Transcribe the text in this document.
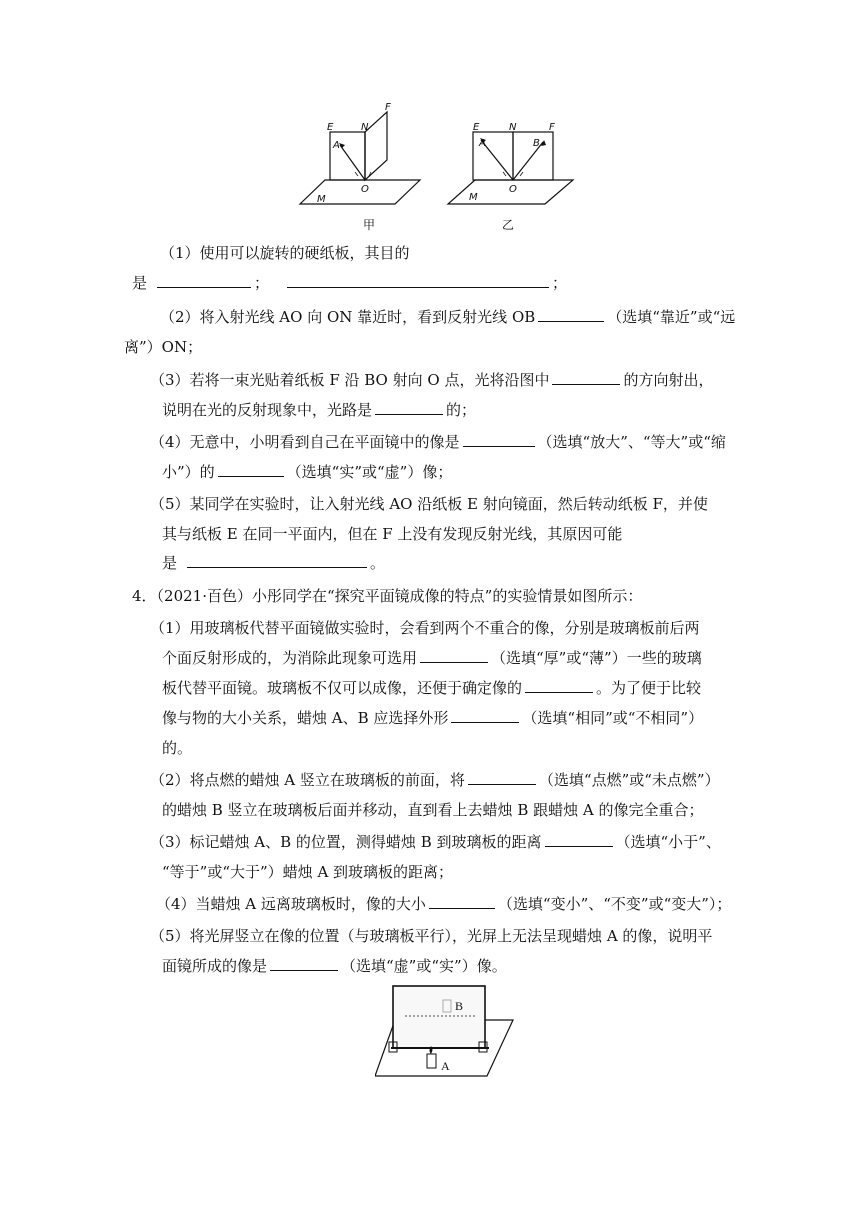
E	N
F
A
O
M
甲
E	N	F
A	B
O
M
乙
（1）使用可以旋转的硬纸板，其目的
是	；	；
（2）将入射光线 AO 向 ON 靠近时，看到反射光线 OB	（选填“靠近”或“远
离”）ON；
（3）若将一束光贴着纸板 F 沿 BO 射向 O 点，光将沿图中	的方向射出，
说明在光的反射现象中，光路是	的；
（4）无意中，小明看到自己在平面镜中的像是	（选填“放大”、“等大”或“缩
小”）的	（选填“实”或“虚”）像；
（5）某同学在实验时，让入射光线 AO 沿纸板 E 射向镜面，然后转动纸板 F，并使
其与纸板 E 在同一平面内，但在 F 上没有发现反射光线，其原因可能
是	。
4．（2021·百色）小彤同学在“探究平面镜成像的特点”的实验情景如图所示：
（1）用玻璃板代替平面镜做实验时，会看到两个不重合的像，分别是玻璃板前后两
个面反射形成的，为消除此现象可选用	（选填“厚”或“薄”）一些的玻璃
板代替平面镜。玻璃板不仅可以成像，还便于确定像的	。为了便于比较
像与物的大小关系，蜡烛 A、B 应选择外形	（选填“相同”或“不相同”）
的。
（2）将点燃的蜡烛 A 竖立在玻璃板的前面，将	（选填“点燃”或“未点燃”）
的蜡烛 B 竖立在玻璃板后面并移动，直到看上去蜡烛 B 跟蜡烛 A 的像完全重合；
（3）标记蜡烛 A、B 的位置，测得蜡烛 B 到玻璃板的距离	（选填“小于”、
“等于”或“大于”）蜡烛 A 到玻璃板的距离；
（4）当蜡烛 A 远离玻璃板时，像的大小	（选填“变小”、“不变”或“变大”）；
（5）将光屏竖立在像的位置（与玻璃板平行），光屏上无法呈现蜡烛 A 的像，说明平
面镜所成的像是	（选填“虚”或“实”）像。
B
A
